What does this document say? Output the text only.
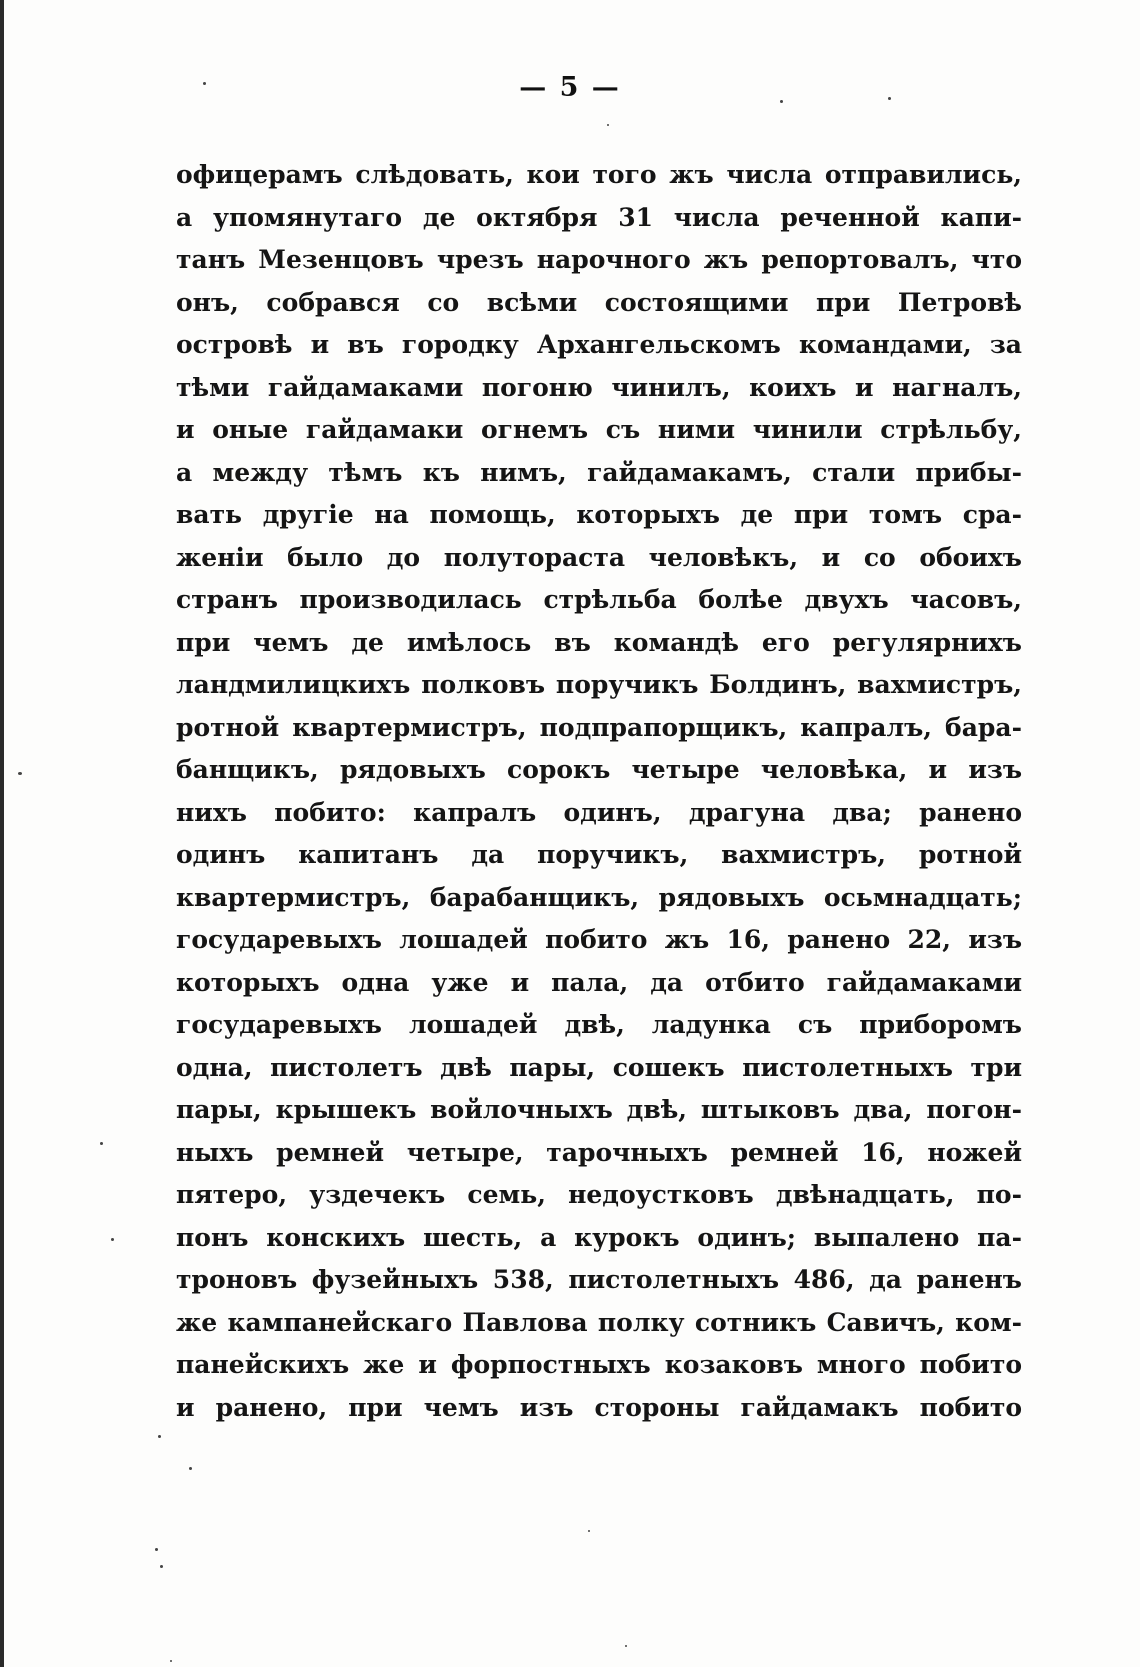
— 5 —
офицерамъ слѣдовать, кои того жъ числа отправились,
а упомянутаго де октября 31 числа реченной капи-
танъ Мезенцовъ чрезъ нарочного жъ репортовалъ, что
онъ, собрався со всѣми состоящими при Петровѣ
островѣ и въ городку Архангельскомъ командами, за
тѣми гайдамаками погоню чинилъ, коихъ и нагналъ,
и оные гайдамаки огнемъ съ ними чинили стрѣльбу,
а между тѣмъ къ нимъ, гайдамакамъ, стали прибы-
вать другіе на помощь, которыхъ де при томъ сра-
женіи было до полутораста человѣкъ, и со обоихъ
странъ производилась стрѣльба болѣе двухъ часовъ,
при чемъ де имѣлось въ командѣ его регулярнихъ
ландмилицкихъ полковъ поручикъ Болдинъ, вахмистръ,
ротной квартермистръ, подпрапорщикъ, капралъ, бара-
банщикъ, рядовыхъ сорокъ четыре человѣка, и изъ
нихъ побито: капралъ одинъ, драгуна два; ранено
одинъ капитанъ да поручикъ, вахмистръ, ротной
квартермистръ, барабанщикъ, рядовыхъ осьмнадцать;
государевыхъ лошадей побито жъ 16, ранено 22, изъ
которыхъ одна уже и пала, да отбито гайдамаками
государевыхъ лошадей двѣ, ладунка съ приборомъ
одна, пистолетъ двѣ пары, сошекъ пистолетныхъ три
пары, крышекъ войлочныхъ двѣ, штыковъ два, погон-
ныхъ ремней четыре, тарочныхъ ремней 16, ножей
пятеро, уздечекъ семь, недоустковъ двѣнадцать, по-
понъ конскихъ шесть, а курокъ одинъ; выпалено па-
троновъ фузейныхъ 538, пистолетныхъ 486, да раненъ
же кампанейскаго Павлова полку сотникъ Савичъ, ком-
панейскихъ же и форпостныхъ козаковъ много побито
и ранено, при чемъ изъ стороны гайдамакъ побито
